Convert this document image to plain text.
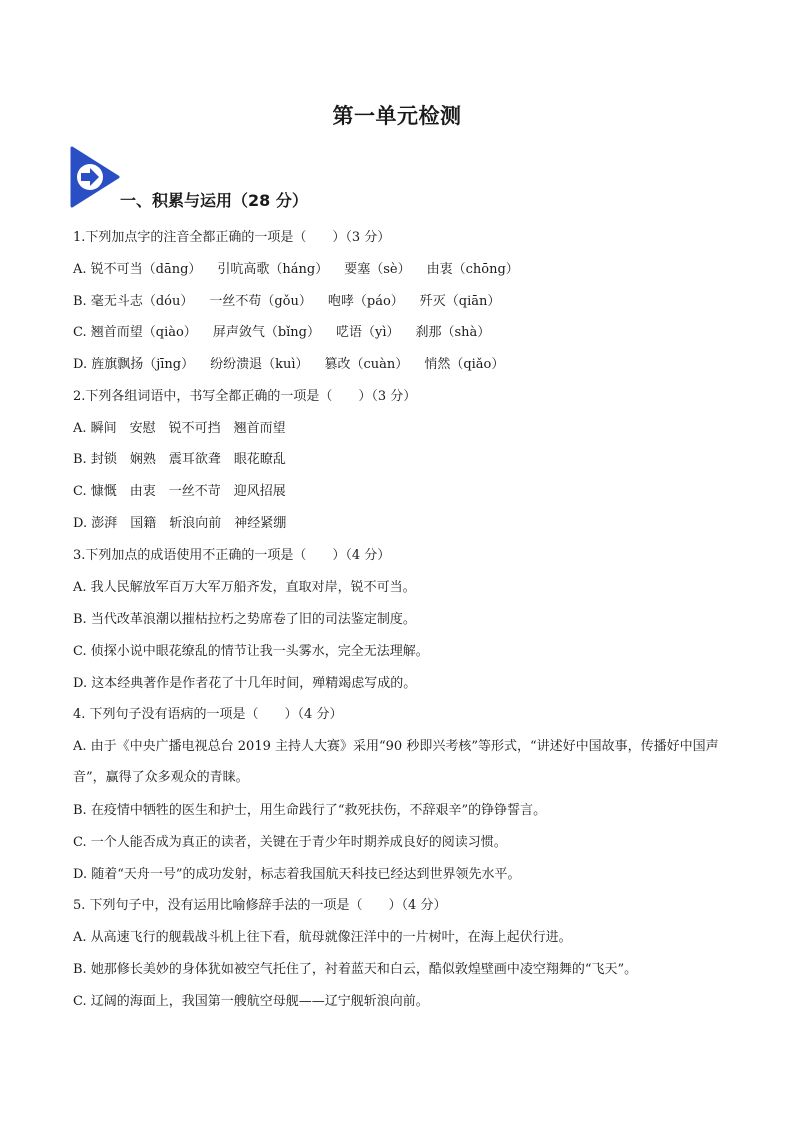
第一单元检测
一、积累与运用（28 分）
1.下列加点字的注音全都正确的一项是（　　）（3 分）
A. 锐不可当（dāng） 引吭高歌（háng） 要塞（sè） 由衷（chōng）
B. 毫无斗志（dóu） 一丝不苟（gǒu） 咆哮（páo） 歼灭（qiān）
C. 翘首而望（qiào） 屏声敛气（bǐng） 呓语（yì） 刹那（shà）
D. 旌旗飘扬（jīng） 纷纷溃退（kuì） 篡改（cuàn） 悄然（qiǎo）
2.下列各组词语中，书写全都正确的一项是（　　）（3 分）
A. 瞬间　安慰　锐不可挡　翘首而望
B. 封锁　娴熟　震耳欲聋　眼花瞭乱
C. 慷慨　由衷　一丝不苛　迎风招展
D. 澎湃　国籍　斩浪向前　神经紧绷
3.下列加点的成语使用不正确的一项是（　　）（4 分）
A. 我人民解放军百万大军万船齐发，直取对岸，锐不可当。
B. 当代改革浪潮以摧枯拉朽之势席卷了旧的司法鉴定制度。
C. 侦探小说中眼花缭乱的情节让我一头雾水，完全无法理解。
D. 这本经典著作是作者花了十几年时间，殚精竭虑写成的。
4. 下列句子没有语病的一项是（　　）（4 分）
A. 由于《中央广播电视总台 2019 主持人大赛》采用“90 秒即兴考核”等形式，“讲述好中国故事，传播好中国声音”，赢得了众多观众的青睐。
B. 在疫情中牺牲的医生和护士，用生命践行了“救死扶伤，不辞艰辛”的铮铮誓言。
C. 一个人能否成为真正的读者，关键在于青少年时期养成良好的阅读习惯。
D. 随着“天舟一号”的成功发射，标志着我国航天科技已经达到世界领先水平。
5. 下列句子中，没有运用比喻修辞手法的一项是（　　）（4 分）
A. 从高速飞行的舰载战斗机上往下看，航母就像汪洋中的一片树叶，在海上起伏行进。
B. 她那修长美妙的身体犹如被空气托住了，衬着蓝天和白云，酷似敦煌壁画中凌空翔舞的“飞天”。
C. 辽阔的海面上，我国第一艘航空母舰——辽宁舰斩浪向前。
